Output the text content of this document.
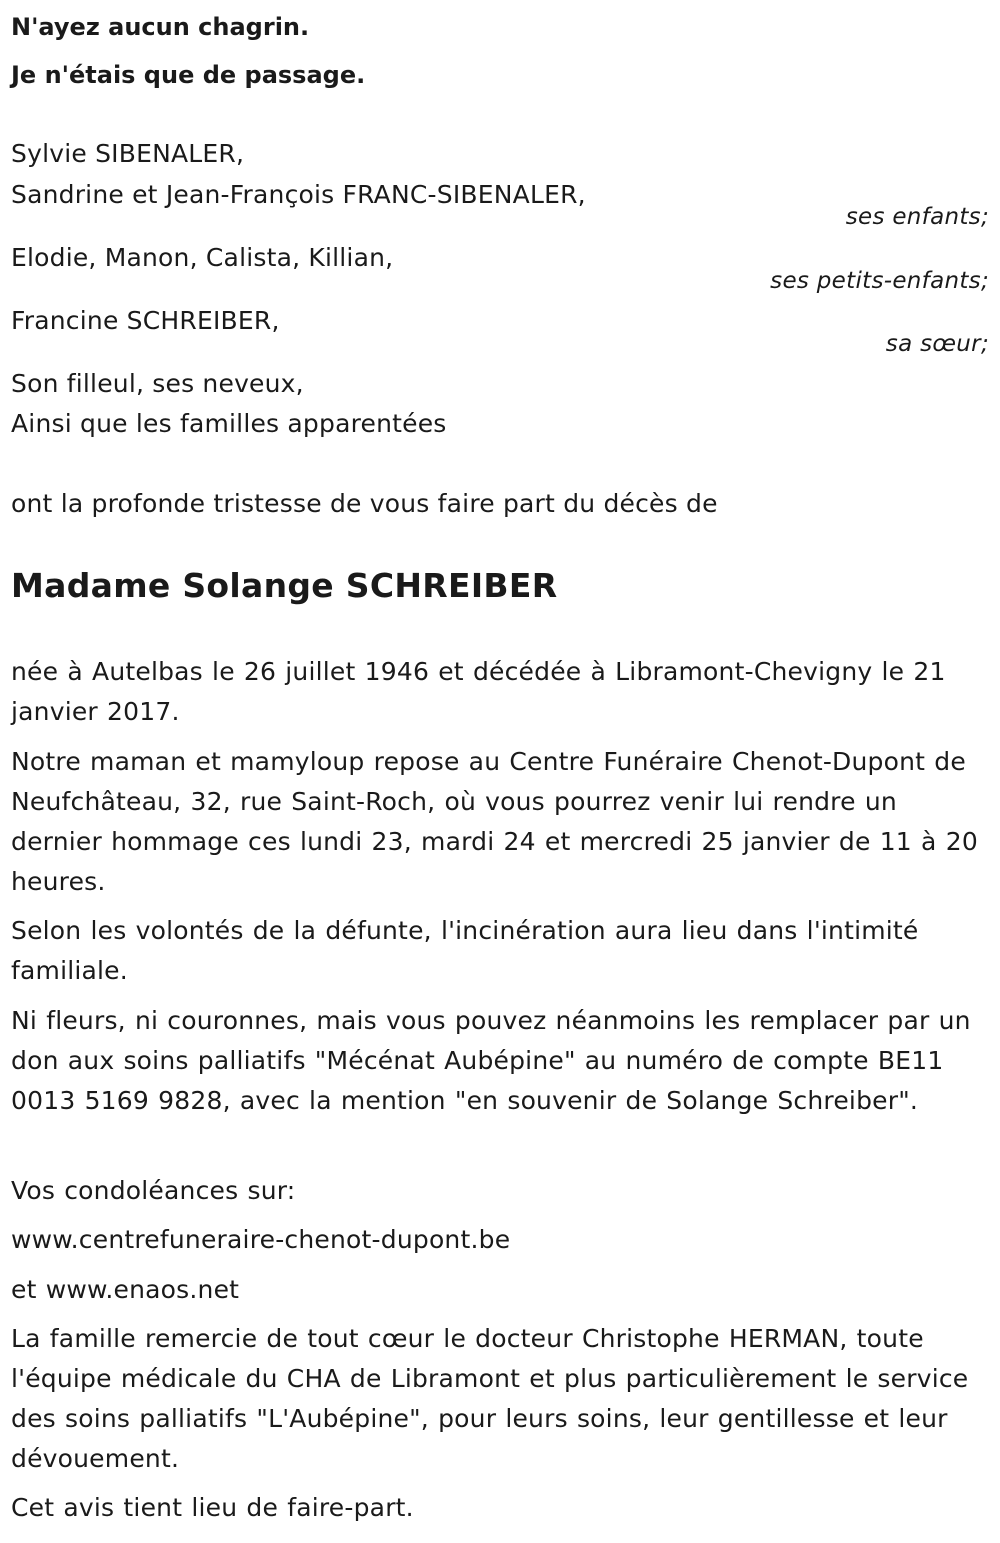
N'ayez aucun chagrin.
Je n'étais que de passage.
Sylvie SIBENALER,
Sandrine et Jean-François FRANC-SIBENALER,
ses enfants;
Elodie, Manon, Calista, Killian,
ses petits-enfants;
Francine SCHREIBER,
sa sœur;
Son filleul, ses neveux,
Ainsi que les familles apparentées
ont la profonde tristesse de vous faire part du décès de
Madame Solange SCHREIBER
née à Autelbas le 26 juillet 1946 et décédée à Libramont-Chevigny le 21 janvier 2017.
Notre maman et mamyloup repose au Centre Funéraire Chenot-Dupont de Neufchâteau, 32, rue Saint-Roch, où vous pourrez venir lui rendre un dernier hommage ces lundi 23, mardi 24 et mercredi 25 janvier de 11 à 20 heures.
Selon les volontés de la défunte, l'incinération aura lieu dans l'intimité familiale.
Ni fleurs, ni couronnes, mais vous pouvez néanmoins les remplacer par un don aux soins palliatifs "Mécénat Aubépine" au numéro de compte BE11 0013 5169 9828, avec la mention "en souvenir de Solange Schreiber".
Vos condoléances sur:
www.centrefuneraire-chenot-dupont.be
et www.enaos.net
La famille remercie de tout cœur le docteur Christophe HERMAN, toute l'équipe médicale du CHA de Libramont et plus particulièrement le service des soins palliatifs "L'Aubépine", pour leurs soins, leur gentillesse et leur dévouement.
Cet avis tient lieu de faire-part.
